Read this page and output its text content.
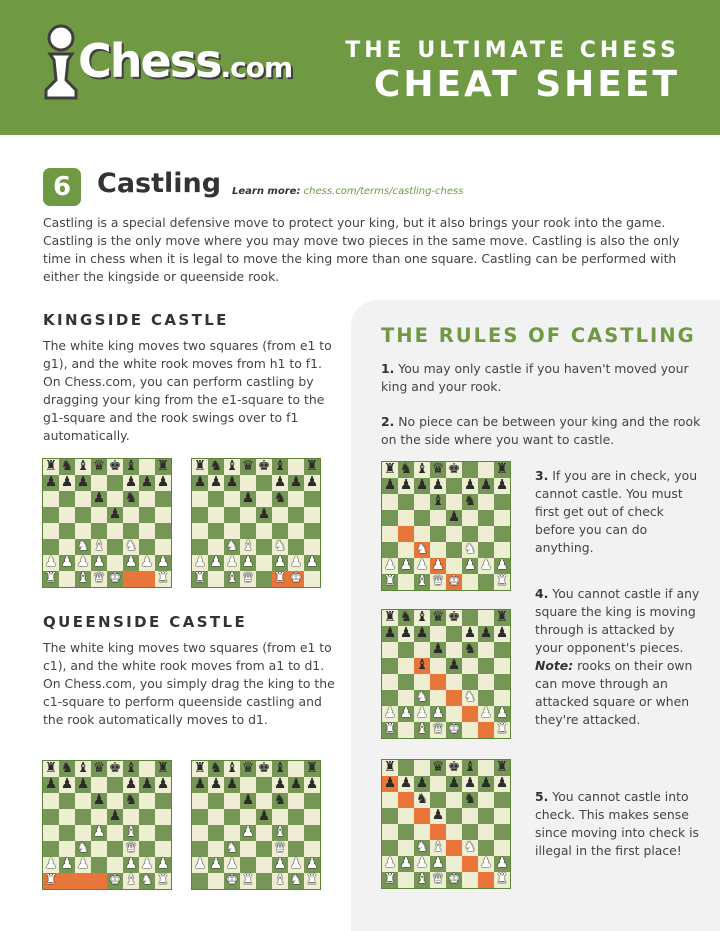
Chess.com
THE ULTIMATE CHESS
CHEAT SHEET
6 Castling Learn more: chess.com/terms/castling-chess

Castling is a special defensive move to protect your king, but it also brings your rook into the game. Castling is the only move where you may move two pieces in the same move. Castling is also the only time in chess when it is legal to move the king more than one square. Castling can be performed with either the kingside or queenside rook.

THE RULES OF CASTLING

1. You may only castle if you haven't moved your king and your rook.

2. No piece can be between your king and the rook on the side where you want to castle.

3. If you are in check, you cannot castle. You must first get out of check before you can do anything.

4. You cannot castle if any square the king is moving through is attacked by your opponent's pieces. Note: rooks on their own can move through an attacked square or when they're attacked.

5. You cannot castle into check. This makes sense since moving into check is illegal in the first place!

KINGSIDE CASTLE

The white king moves two squares (from e1 to g1), and the white rook moves from h1 to f1. On Chess.com, you can perform castling by dragging your king from the e1-square to the g1-square and the rook swings over to f1 automatically.

QUEENSIDE CASTLE

The white king moves two squares (from e1 to c1), and the white rook moves from a1 to d1. On Chess.com, you simply drag the king to the c1-square to perform queenside castling and the rook automatically moves to d1.

♜ ♞ ♝ ♛ ♚ ♝ ♜
♟ ♟ ♟	♟ ♟ ♟
♟ ♞
♟
♞ ♝ ♞
♟ ♟ ♟ ♟ ♟ ♟ ♟
♜ ♝ ♛ ♚	♜
♜ ♞ ♝ ♛ ♚ ♝ ♜
♟ ♟ ♟	♟ ♟ ♟
♟ ♞
♟
♞ ♝ ♞
♟ ♟ ♟ ♟ ♟ ♟ ♟
♜ ♝ ♛ ♜ ♚
♜ ♞ ♝ ♛ ♚ ♝ ♜
♟ ♟ ♟	♟ ♟ ♟
♟ ♞
♟
♟ ♝
♞	♛
♟ ♟ ♟	♟ ♟ ♟
♜	♚ ♝ ♞ ♜
♜ ♞ ♝ ♛ ♚ ♝ ♜
♟ ♟ ♟	♟ ♟ ♟
♟ ♞
♟
♟ ♝
♞	♛
♟ ♟ ♟	♟ ♟ ♟
♚ ♜ ♝ ♞ ♜
♜ ♞ ♝ ♛ ♚	♜
♟ ♟ ♟ ♟ ♟ ♟ ♟
♝ ♞
♟
♞	♞
♟ ♟ ♟ ♟ ♟ ♟ ♟
♜ ♝ ♛ ♚	♜
♜ ♞ ♝ ♛ ♚	♜
♟ ♟ ♟	♟ ♟ ♟
♟ ♞
♝ ♟
♞	♞
♟ ♟ ♟ ♟	♟ ♟
♜ ♝ ♛ ♚	♜
♜	♛ ♚ ♝ ♜
♟ ♟ ♟ ♟ ♟ ♟ ♟
♞	♞
♟
♞ ♝ ♞
♟ ♟ ♟ ♟	♟ ♟
♜ ♝ ♛ ♚	♜
